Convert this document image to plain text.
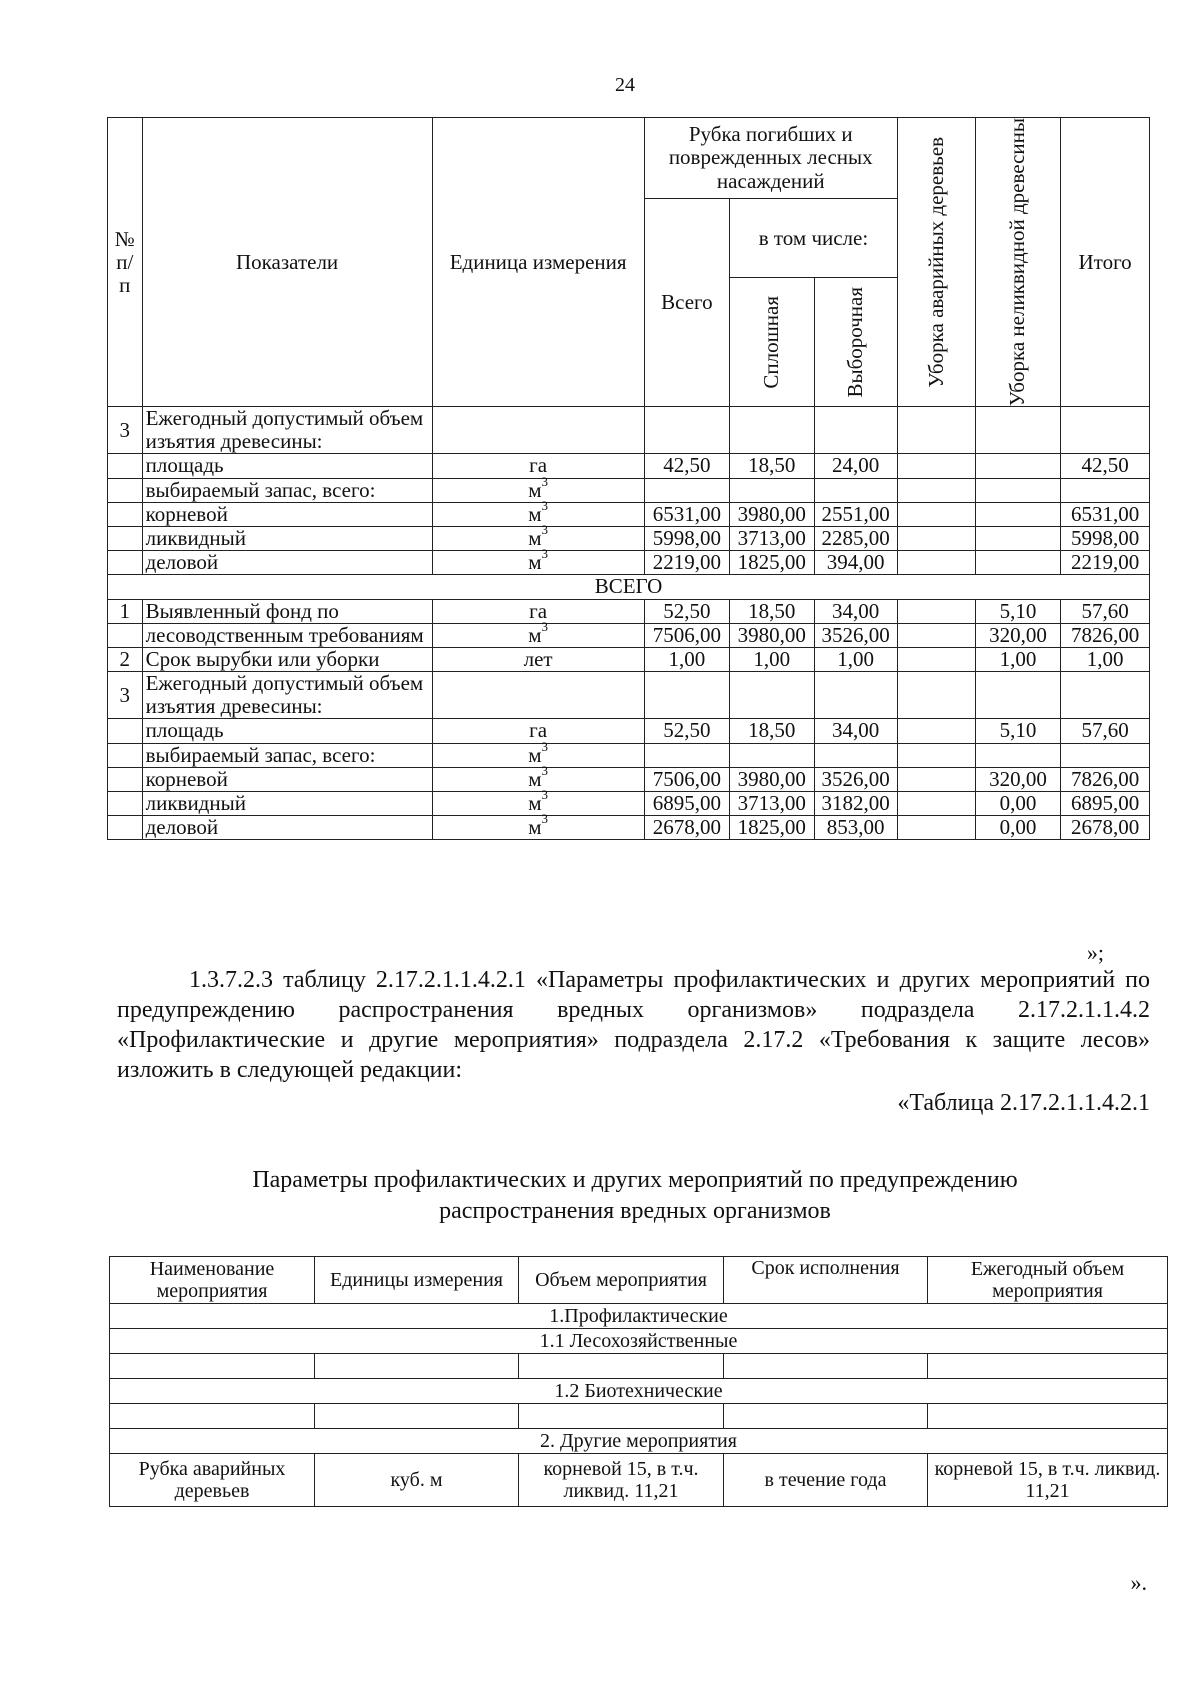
24
№ п/п	Показатели	Единица измерения	Рубка погибших и поврежденных лесных насаждений			Уборка аварийных деревьев	Уборка неликвидной древесины	Итого
			Всего	в том числе:				

				Сплошная	Выборочная			

3	Ежегодный допустимый объем изъятия древесины:							
	площадь	га	42,50	18,50	24,00			42,50
	выбираемый запас, всего:	$м^3$						
	корневой	$м^3$	6531,00	3980,00	2551,00			6531,00
	ликвидный	$м^3$	5998,00	3713,00	2285,00			5998,00
	деловой	$м^3$	2219,00	1825,00	394,00			2219,00
ВСЕГО								
1	Выявленный фонд по	га	52,50	18,50	34,00		5,10	57,60
	лесоводственным требованиям	$м^3$	7506,00	3980,00	3526,00		320,00	7826,00
2	Срок вырубки или уборки	лет	1,00	1,00	1,00		1,00	1,00
3	Ежегодный допустимый объем изъятия древесины:							
	площадь	га	52,50	18,50	34,00		5,10	57,60
	выбираемый запас, всего:	$м^3$						
	корневой	$м^3$	7506,00	3980,00	3526,00		320,00	7826,00
	ликвидный	$м^3$	6895,00	3713,00	3182,00		0,00	6895,00
	деловой	$м^3$	2678,00	1825,00	853,00		0,00	2678,00
»;

1.3.7.2.3 таблицу 2.17.2.1.1.4.2.1 «Параметры профилактических и других мероприятий по предупреждению распространения вредных организмов» подраздела 2.17.2.1.1.4.2 «Профилактические и другие мероприятия» подраздела 2.17.2 «Требования к защите лесов» изложить в следующей редакции:

«Таблица 2.17.2.1.1.4.2.1
Параметры профилактических и других мероприятий по предупреждению
распространения вредных организмов
Наименование мероприятия	Единицы измерения	Объем мероприятия	Срок исполнения	Ежегодный объем мероприятия
1.Профилактические				
1.1 Лесохозяйственные				

1.2 Биотехнические				

2. Другие мероприятия				
Рубка аварийных деревьев	куб. м	корневой 15, в т.ч. ликвид. 11,21	в течение года	корневой 15, в т.ч. ликвид. 11,21
».
